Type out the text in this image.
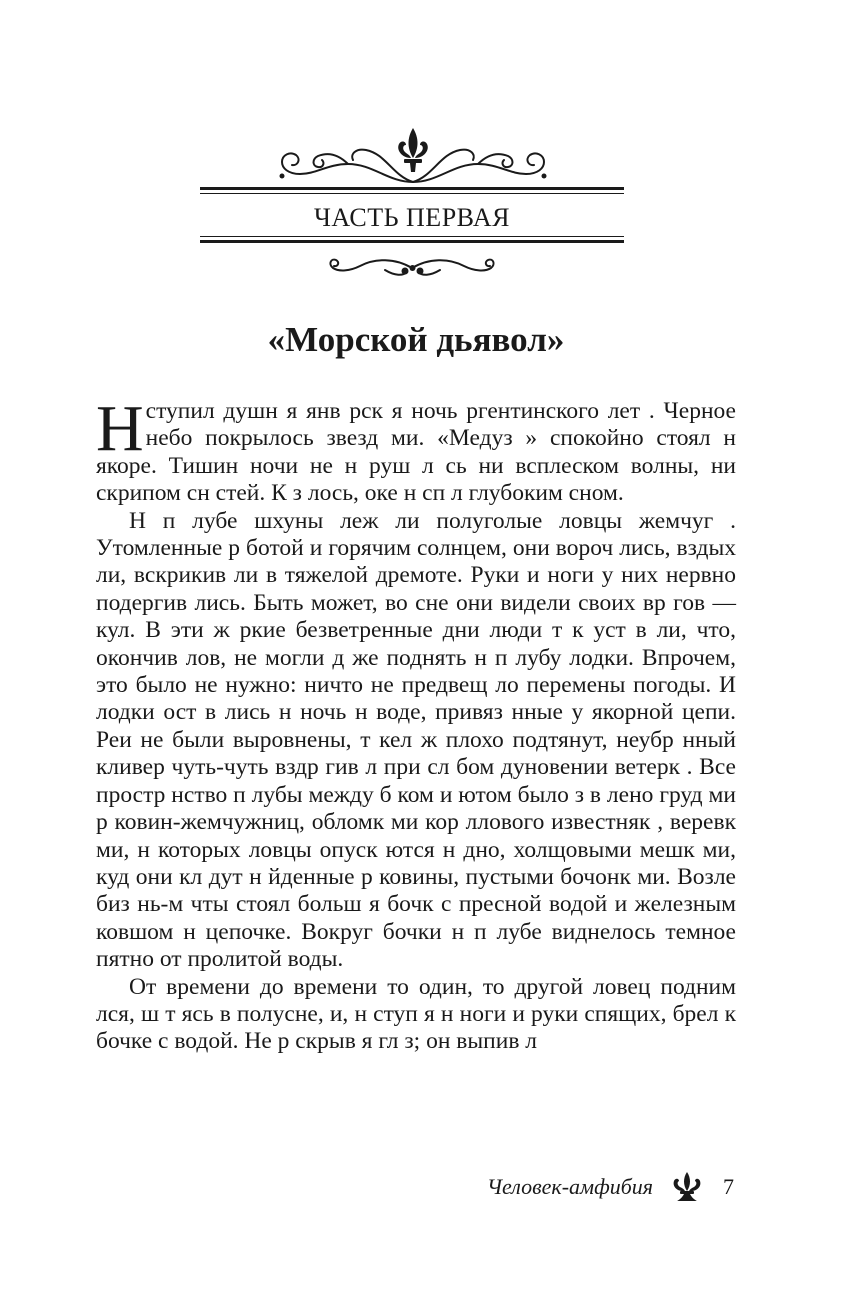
ЧАСТЬ ПЕРВАЯ
«Морской дьявол»

Нступил душн я янв рск я ночь ргентинского лет . Черное небо покрылось звезд ми. «Медуз » спокойно стоял н якоре. Тишин ночи не н руш л сь ни всплеском волны, ни скрипом сн стей. К з лось, оке н сп л глубоким сном.

Н п лубе шхуны леж ли полуголые ловцы жемчуг . Утомленные р ботой и горячим солнцем, они вороч лись, вздых ли, вскрикив ли в тяжелой дремоте. Руки и ноги у них нервно подергив лись. Быть может, во сне они видели своих вр гов — кул. В эти ж ркие безветренные дни люди т к уст в ли, что, окончив лов, не могли д же поднять н п лубу лодки. Впрочем, это было не нужно: ничто не предвещ ло перемены погоды. И лодки ост в лись н ночь н воде, привяз нные у якорной цепи. Реи не были выровнены, т кел ж плохо подтянут, неубр нный кливер чуть-чуть вздр гив л при сл бом дуновении ветерк . Все простр нство п лубы между б ком и ютом было з в лено груд ми р ковин-жемчужниц, обломк ми кор ллового известняк , веревк ми, н которых ловцы опуск ются н дно, холщовыми мешк ми, куд они кл дут н йденные р ковины, пустыми бочонк ми. Возле биз нь-м чты стоял больш я бочк с пресной водой и железным ковшом н цепочке. Вокруг бочки н п лубе виднелось темное пятно от пролитой воды.

От времени до времени то один, то другой ловец подним лся, ш т ясь в полусне, и, н ступ я н ноги и руки спящих, брел к бочке с водой. Не р скрыв я гл з; он выпив л

Человек-амфибия	7
